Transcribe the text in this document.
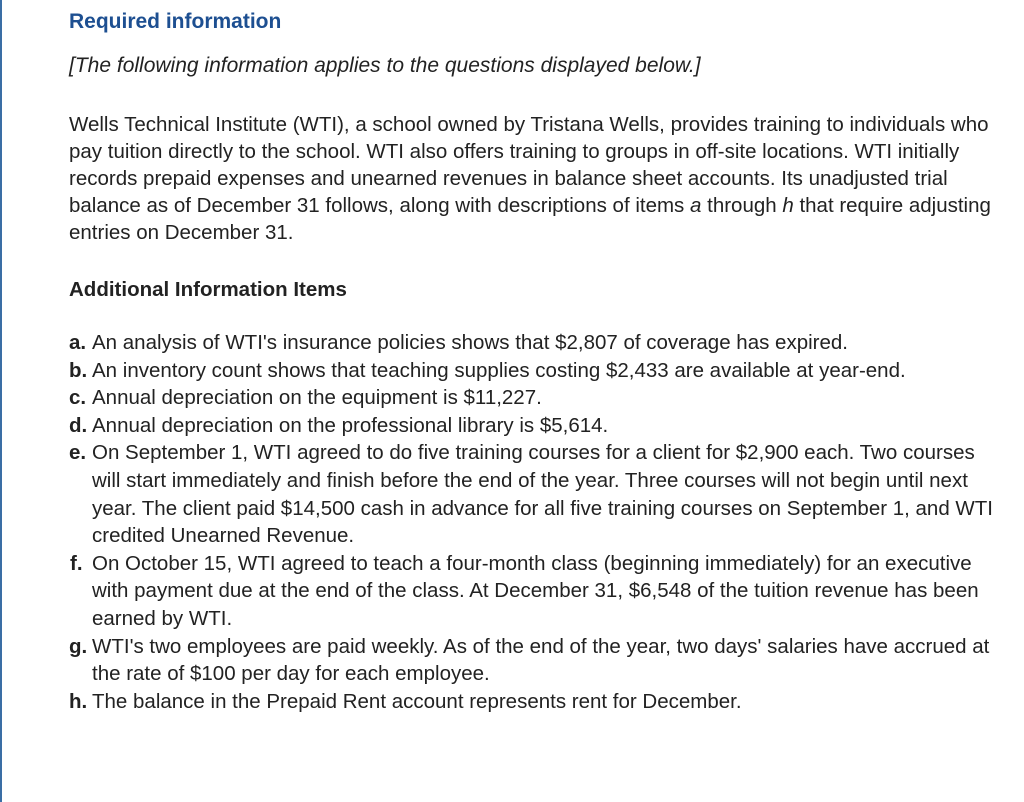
Required information

[The following information applies to the questions displayed below.]

Wells Technical Institute (WTI), a school owned by Tristana Wells, provides training to individuals who pay tuition directly to the school. WTI also offers training to groups in off-site locations. WTI initially records prepaid expenses and unearned revenues in balance sheet accounts. Its unadjusted trial balance as of December 31 follows, along with descriptions of items a through h that require adjusting entries on December 31.

Additional Information Items
a. An analysis of WTI's insurance policies shows that $2,807 of coverage has expired.
b. An inventory count shows that teaching supplies costing $2,433 are available at year-end.
c. Annual depreciation on the equipment is $11,227.
d. Annual depreciation on the professional library is $5,614.
e. On September 1, WTI agreed to do five training courses for a client for $2,900 each. Two courses will start immediately and finish before the end of the year. Three courses will not begin until next year. The client paid $14,500 cash in advance for all five training courses on September 1, and WTI credited Unearned Revenue.
f. On October 15, WTI agreed to teach a four-month class (beginning immediately) for an executive with payment due at the end of the class. At December 31, $6,548 of the tuition revenue has been earned by WTI.
g. WTI's two employees are paid weekly. As of the end of the year, two days' salaries have accrued at the rate of $100 per day for each employee.
h. The balance in the Prepaid Rent account represents rent for December.
